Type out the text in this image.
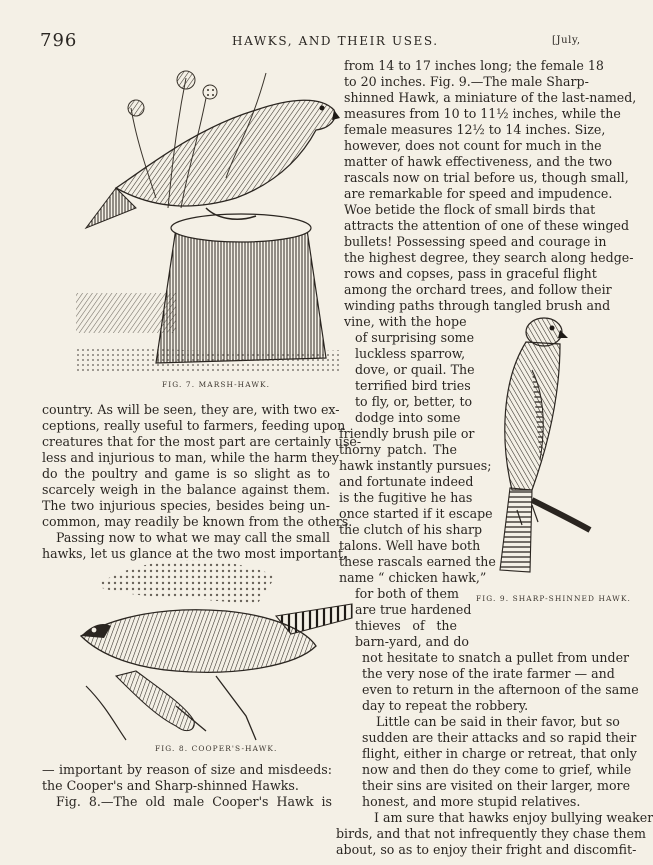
796	HAWKS, AND THEIR USES.	[July,
FIG. 7. MARSH-HAWK.
FIG. 9. SHARP-SHINNED HAWK.
FIG. 8. COOPER'S-HAWK.

from 14 to 17 inches long; the female 18

to 20 inches. Fig. 9.—The male Sharp-

shinned Hawk, a miniature of the last-named,

measures from 10 to 11½ inches, while the

female measures 12½ to 14 inches. Size,

however, does not count for much in the

matter of hawk effectiveness, and the two

rascals now on trial before us, though small,

are remarkable for speed and impudence.

Woe betide the flock of small birds that

attracts the attention of one of these winged

bullets! Possessing speed and courage in

the highest degree, they search along hedge-

rows and copses, pass in graceful flight

among the orchard trees, and follow their

winding paths through tangled brush and

vine, with the hope

of surprising some

luckless sparrow,

dove, or quail. The

terrified bird tries

to fly, or, better, to

dodge into some

country. As will be seen, they are, with two ex-

friendly brush pile or

ceptions, really useful to farmers, feeding upon

thorny patch. The

creatures that for the most part are certainly use-

hawk instantly pursues;

less and injurious to man, while the harm they

and fortunate indeed

do the poultry and game is so slight as to

is the fugitive he has

scarcely weigh in the balance against them.

once started if it escape

The two injurious species, besides being un-

the clutch of his sharp

common, may readily be known from the others.

talons. Well have both

Passing now to what we may call the small

these rascals earned the

hawks, let us glance at the two most important,

name “ chicken hawk,”

for both of them

are true hardened

thieves of the

barn-yard, and do

not hesitate to snatch a pullet from under

the very nose of the irate farmer — and

even to return in the afternoon of the same

day to repeat the robbery.

Little can be said in their favor, but so

sudden are their attacks and so rapid their

flight, either in charge or retreat, that only

now and then do they come to grief, while

their sins are visited on their larger, more

— important by reason of size and misdeeds:

honest, and more stupid relatives.

the Cooper's and Sharp-shinned Hawks.

I am sure that hawks enjoy bullying weaker

Fig. 8.—The old male Cooper's Hawk is

birds, and that not infrequently they chase them

about, so as to enjoy their fright and discomfit-
